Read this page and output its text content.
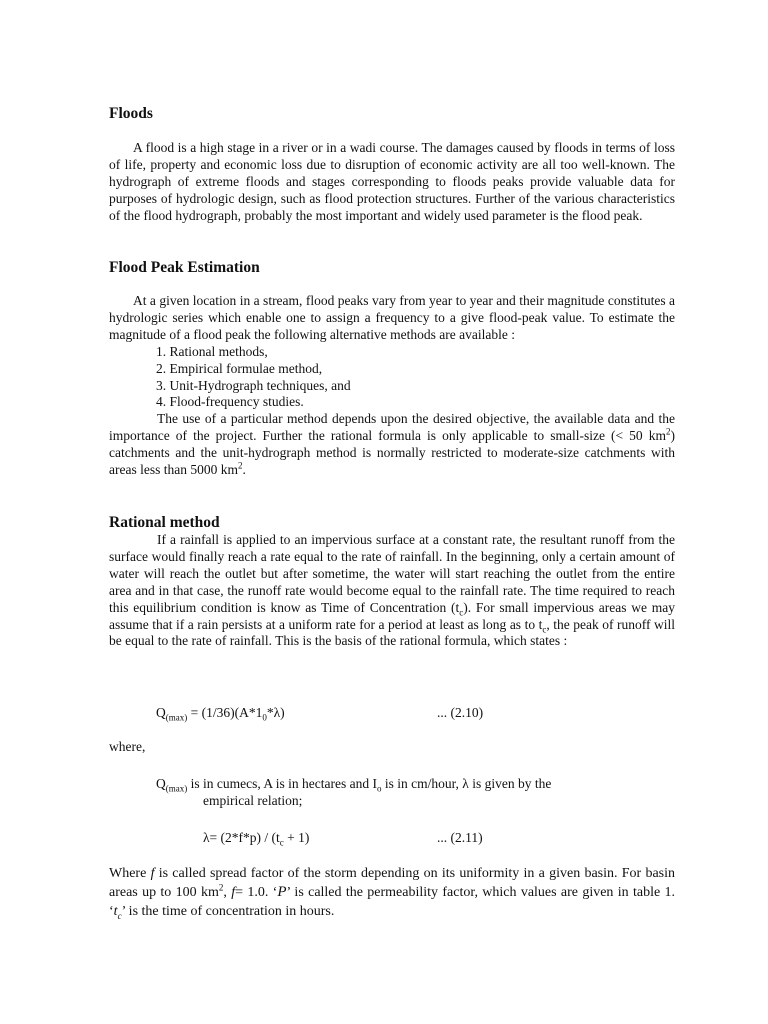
Floods

A flood is a high stage in a river or in a wadi course. The damages caused by floods in terms of loss of life, property and economic loss due to disruption of economic activity are all too well-known. The hydrograph of extreme floods and stages corresponding to floods peaks provide valuable data for purposes of hydrologic design, such as flood protection structures. Further of the various characteristics of the flood hydrograph, probably the most important and widely used parameter is the flood peak.

Flood Peak Estimation

At a given location in a stream, flood peaks vary from year to year and their magnitude constitutes a hydrologic series which enable one to assign a frequency to a give flood-peak value. To estimate the magnitude of a flood peak the following alternative methods are available :

1. Rational methods,

2. Empirical formulae method,

3. Unit-Hydrograph techniques, and

4. Flood-frequency studies.

The use of a particular method depends upon the desired objective, the available data and the importance of the project. Further the rational formula is only applicable to small-size (< 50 $km^2$) catchments and the unit-hydrograph method is normally restricted to moderate-size catchments with areas less than 5000 $km^2$.

Rational method

If a rainfall is applied to an impervious surface at a constant rate, the resultant runoff from the surface would finally reach a rate equal to the rate of rainfall. In the beginning, only a certain amount of water will reach the outlet but after sometime, the water will start reaching the outlet from the entire area and in that case, the runoff rate would become equal to the rainfall rate. The time required to reach this equilibrium condition is know as Time of Concentration $(t_c)$. For small impervious areas we may assume that if a rain persists at a uniform rate for a period at least as long as to $t_c$, the peak of runoff will be equal to the rate of rainfall. This is the basis of the rational formula, which states :

$Q_{(max)} = (1/36)(A*1_0*\lambda)$	... (2.10)
where,
$Q_{(max)}$ is in cumecs, A is in hectares and $I_o$ is in cm/hour, λ is given by the
empirical relation;
$\lambda= (2*f*p) / (t_c + 1)$	... (2.11)

Where f is called spread factor of the storm depending on its uniformity in a given basin. For basin areas up to 100 $km^2$, f= 1.0. ‘P’ is called the permeability factor, which values are given in table 1. ‘$t_c$’ is the time of concentration in hours.
